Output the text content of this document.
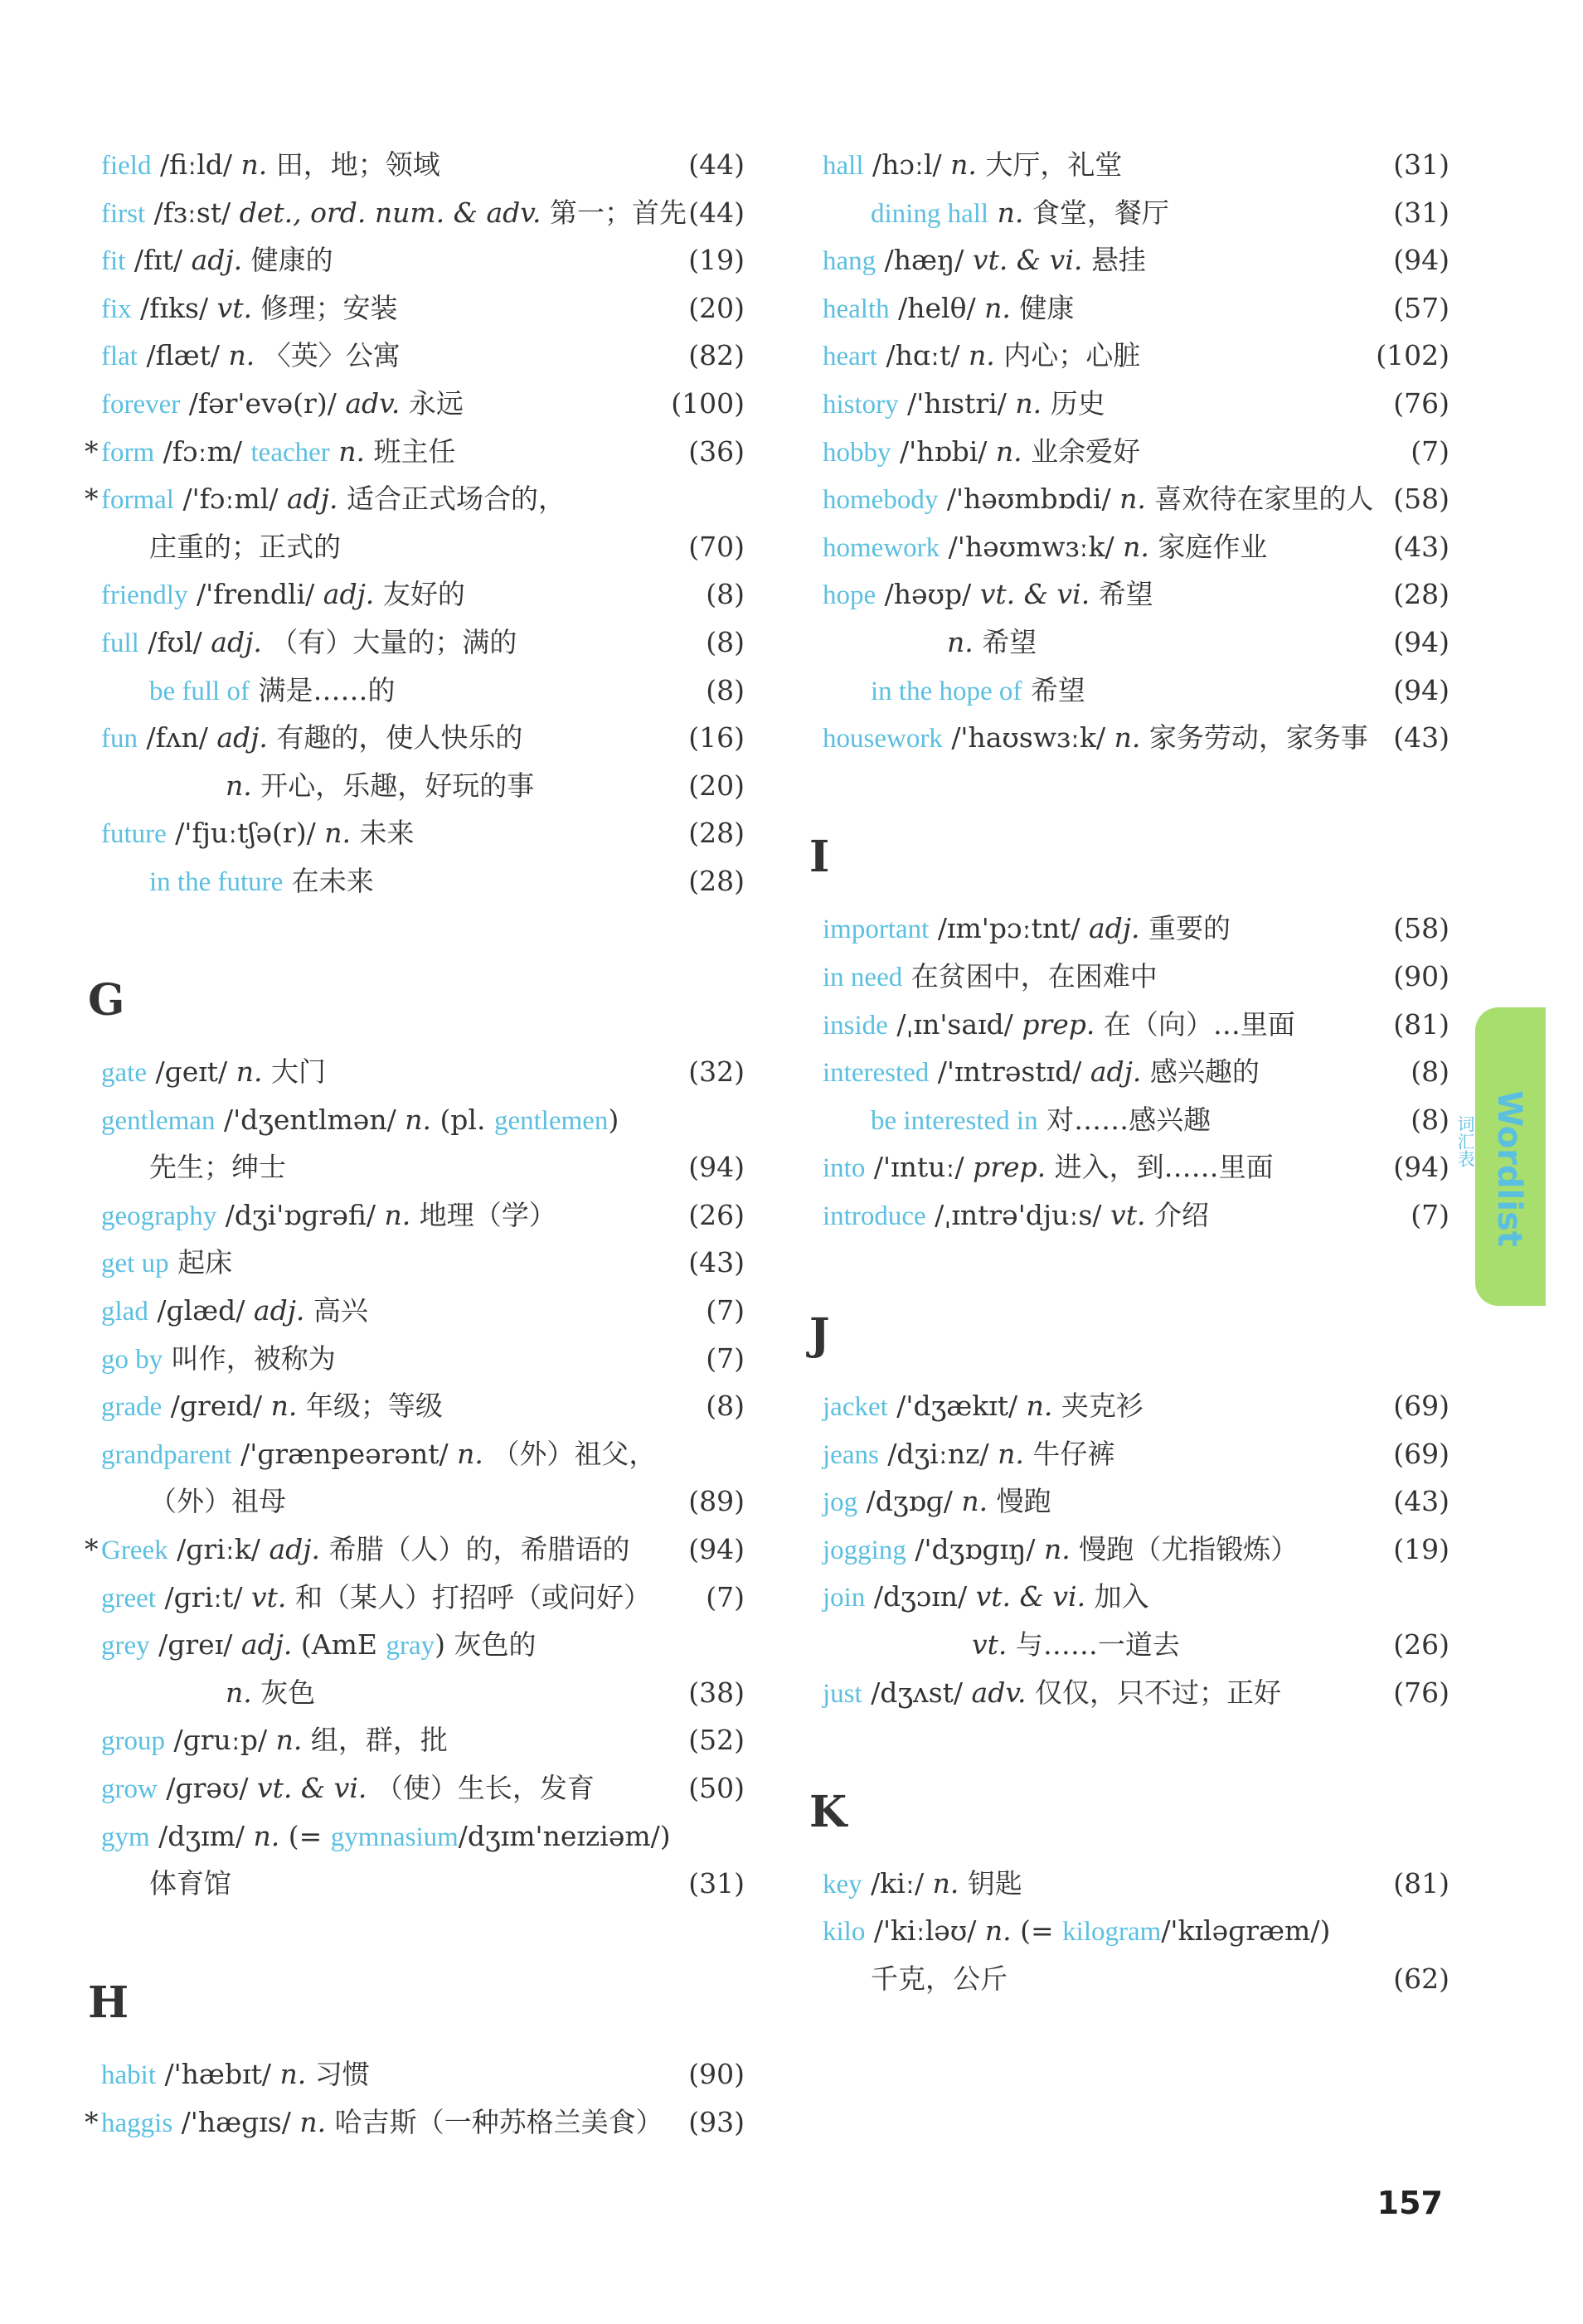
field /fiːld/ n. 田，地；领域	(44)
first /fɜːst/ det., ord. num. & adv. 第一；首先 (44)
fit /fɪt/ adj. 健康的	(19)
fix /fɪks/ vt. 修理；安装	(20)
flat /flæt/ n. 〈英〉公寓	(82)
forever /fər'evə(r)/ adv. 永远	(100)
* form /fɔːm/ teacher n. 班主任	(36)
* formal /'fɔːml/ adj. 适合正式场合的，
庄重的；正式的	(70)
friendly /'frendli/ adj. 友好的	(8)
full /fʊl/ adj. （有）大量的；满的	(8)
be full of 满是……的	(8)
fun /fʌn/ adj. 有趣的，使人快乐的	(16)
n. 开心，乐趣，好玩的事	(20)
future /'fjuːtʃə(r)/ n. 未来	(28)
in the future 在未来	(28)
G
gate /ɡeɪt/ n. 大门	(32)
gentleman /'dʒentlmən/ n. (pl. gentlemen)
先生；绅士	(94)
geography /dʒi'ɒɡrəfi/ n. 地理（学）	(26)
get up 起床	(43)
glad /ɡlæd/ adj. 高兴	(7)
go by 叫作，被称为	(7)
grade /ɡreɪd/ n. 年级；等级	(8)
grandparent /'ɡrænpeərənt/ n. （外）祖父，
（外）祖母	(89)
* Greek /ɡriːk/ adj. 希腊（人）的，希腊语的 (94)
greet /ɡriːt/ vt. 和（某人）打招呼（或问好） (7)
grey /ɡreɪ/ adj. (AmE gray) 灰色的
n. 灰色	(38)
group /ɡruːp/ n. 组，群，批	(52)
grow /ɡrəʊ/ vt. & vi. （使）生长，发育	(50)
gym /dʒɪm/ n. (= gymnasium/dʒɪm'neɪziəm/)
体育馆	(31)
H
habit /'hæbɪt/ n. 习惯	(90)
* haggis /'hæɡɪs/ n. 哈吉斯（一种苏格兰美食） (93)
hall /hɔːl/ n. 大厅，礼堂	(31)
dining hall n. 食堂，餐厅	(31)
hang /hæŋ/ vt. & vi. 悬挂	(94)
health /helθ/ n. 健康	(57)
heart /hɑːt/ n. 内心；心脏	(102)
history /'hɪstri/ n. 历史	(76)
hobby /'hɒbi/ n. 业余爱好	(7)
homebody /'həʊmbɒdi/ n. 喜欢待在家里的人 (58)
homework /'həʊmwɜːk/ n. 家庭作业	(43)
hope /həʊp/ vt. & vi. 希望	(28)
n. 希望	(94)
in the hope of 希望	(94)
housework /'haʊswɜːk/ n. 家务劳动，家务事 (43)
I
important /ɪm'pɔːtnt/ adj. 重要的	(58)
in need 在贫困中，在困难中	(90)
inside /ˌɪn'saɪd/ prep. 在（向）…里面	(81)
interested /'ɪntrəstɪd/ adj. 感兴趣的	(8)
be interested in 对……感兴趣	(8)
into /'ɪntuː/ prep. 进入，到……里面	(94)
introduce /ˌɪntrə'djuːs/ vt. 介绍	(7)
J
jacket /'dʒækɪt/ n. 夹克衫	(69)
jeans /dʒiːnz/ n. 牛仔裤	(69)
jog /dʒɒɡ/ n. 慢跑	(43)
jogging /'dʒɒɡɪŋ/ n. 慢跑（尤指锻炼）	(19)
join /dʒɔɪn/ vt. & vi. 加入
vt. 与……一道去	(26)
just /dʒʌst/ adv. 仅仅，只不过；正好	(76)
K
key /kiː/ n. 钥匙	(81)
kilo /'kiːləʊ/ n. (= kilogram/'kɪləɡræm/)
千克，公斤	(62)
Wordlist
词汇表
157
